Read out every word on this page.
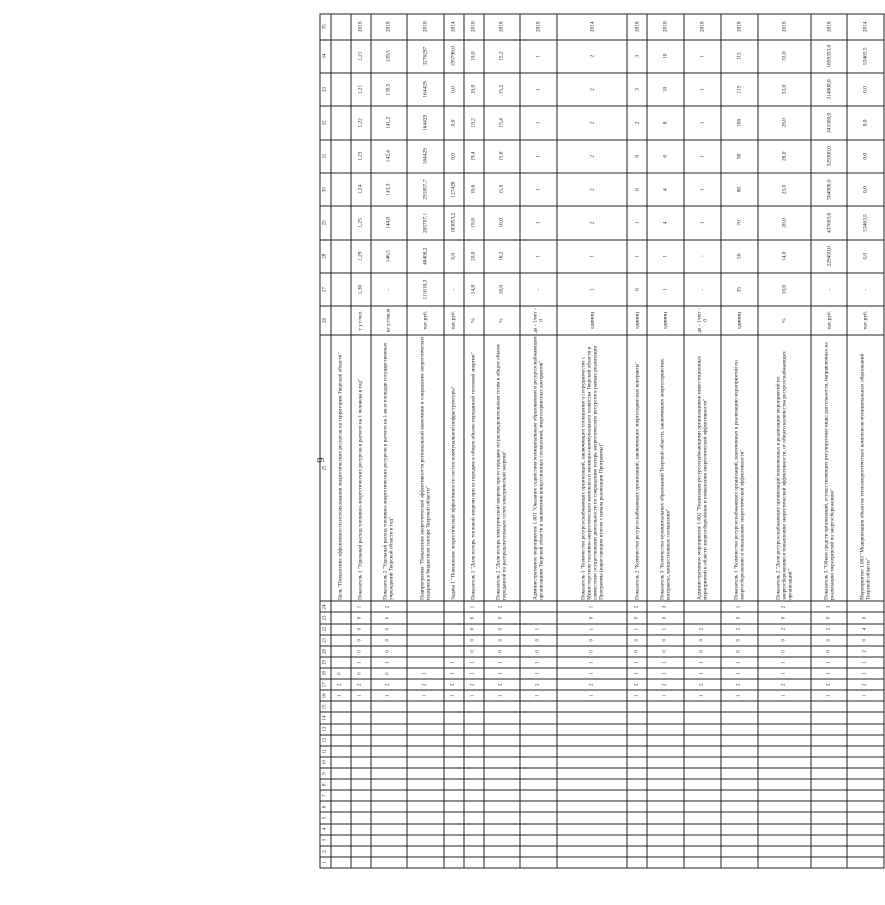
6
1	2	3	4	5	6	7	8	9	10	11	12	13	14	15	16	17	18	19	20	21	22	23	24	25	26	27	28	29	30	31	32	33	34	35
															1	2	0							Цель "Повышение эффективности использования энергетических ресурсов на территории Тверской области"										
															1	2	0	1	0	0	0	0	1	Показатель 1 "Удельный расход топливно-энергетических ресурсов в расчете на 1 человека в год"	т у.т/чел.	1,30	1,29	1,25	1,24	1,23	1,22	1,21	1,21	2018
															1	2	0	1	0	0	0	0	2	Показатель 2 "Удельный расход топливно-энергетических ресурсов в расчете на 1 кв.м площади государственных учреждений Тверской области в год"	кг у.т/кв.м	-	146,5	144,8	143,3	142,4	141,2	139,5	139,5	2018
															1	2	1							Подпрограмма "Повышение энергетической эффективности региональной экономики и сокращение энергетических издержек в бюджетном секторе Тверской области"	тыс.руб.	111610,3	48408,2	205707,1	291857,7	164429	164429	164429	3276297	2018
															1	2	1	1						Задача 1 "Повышение энергетической эффективности систем коммунальной инфраструктуры"	тыс.руб.	-	0,0	183053,2	127428	0,0	0,0	0,0	195796,0	2014
															1	2	1	1	0	0	0	0	1	Показатель 1 "Доля потерь тепловой энергии при ее передаче в общем объеме переданной тепловой энергии"	%	14,8	20,0	19,8	19,6	19,4	19,2	19,0	19,0	2018
															1	2	1	1	0	0	0	0	2	Показатель 2 "Доля потерь электрической энергии при ее передаче по распределительным сетям в общем объеме переданной по распределительным сетям электрической энергии"	%	16,0	16,2	16,0	15,8	15,6	15,4	15,2	15,2	2018
															1	2	1	1	0	0	1			Административное мероприятие 1.001 "Оказание содействия муниципальным образованиям и ресурсоснабжающим организациям Тверской области в заключении концессионных соглашений, энергосервисных контрактов"	да - 1/нет - 0	-	1	1	1	1	1	1	1	2018
															1	2	1	1	0	0	1	0	1	Показатель 1 "Количество ресурсоснабжающих организаций, заключивших соглашения о сотрудничестве с Министерством топливно-энергетического комплекса и жилищно-коммунального хозяйства Тверской области в совместном осуществлении деятельности по сокращению потерь энергетических ресурсов в рамках реализации Программы (нарастающим итогом с начала реализации Программы)"	единиц	1	1	2	2	2	2	2	2	2014
															1	2	1	1	0	0	1	0	2	Показатель 2 "Количество ресурсоснабжающих организаций, заключивших энергосервисные контракты"	единиц	0	1	1	0	0	2	3	3	2018
															1	2	1	1	0	0	1	0	3	Показатель 3 "Количество муниципальных образований Тверской области, заключивших энергосервисные контракты, концессионные соглашения"	единиц	1	1	4	4	6	8	10	10	2018
															1	2	1	1	0	0	2			Административное мероприятие 1.002 "Реализация ресурсоснабжающими организациями инвестиционных мероприятий в области энергосбережения и повышения энергетической эффективности"	да - 1/нет - 0	-	-	1	1	1	1	1	1	2018
															1	2	1	1	0	0	2	0	1	Показатель 1 "Количество ресурсоснабжающих организаций, вовлеченных в реализацию мероприятий по энергосбережению и повышению энергетической эффективности"	единиц	35	50	70	80	90	100	115	115	2018
															1	2	1	1	0	0	2	0	2	Показатель 2 "Доля ресурсоснабжающих организаций вовлеченных в реализацию мероприятий по энергосбережению и повышению энергетической эффективности, от общего количества ресурсоснабжающих организаций"	%	10,0	14,0	20,0	23,0	26,0	28,0	33,0	33,0	2018
															1	2	1	1	0	0	2	0	3	Показатель 3 "Объем средств организаций, осуществляющих регулируемые виды деятельности, направленных на реализацию мероприятий по энергосбережению"	тыс.руб.	-	229450,0	437603,0	504900,0	329300,0	343300,0	314800,0	1859353,0	2018
															1	2	1	1	2	0	4	0		Мероприятие 1.003 "Модернизация объектов теплоэнергетических комплексов муниципальных образований Тверской области"	тыс.руб.	-	0,0	53463,5	0,0	0,0	0,0	0,0	53463,5	2014
